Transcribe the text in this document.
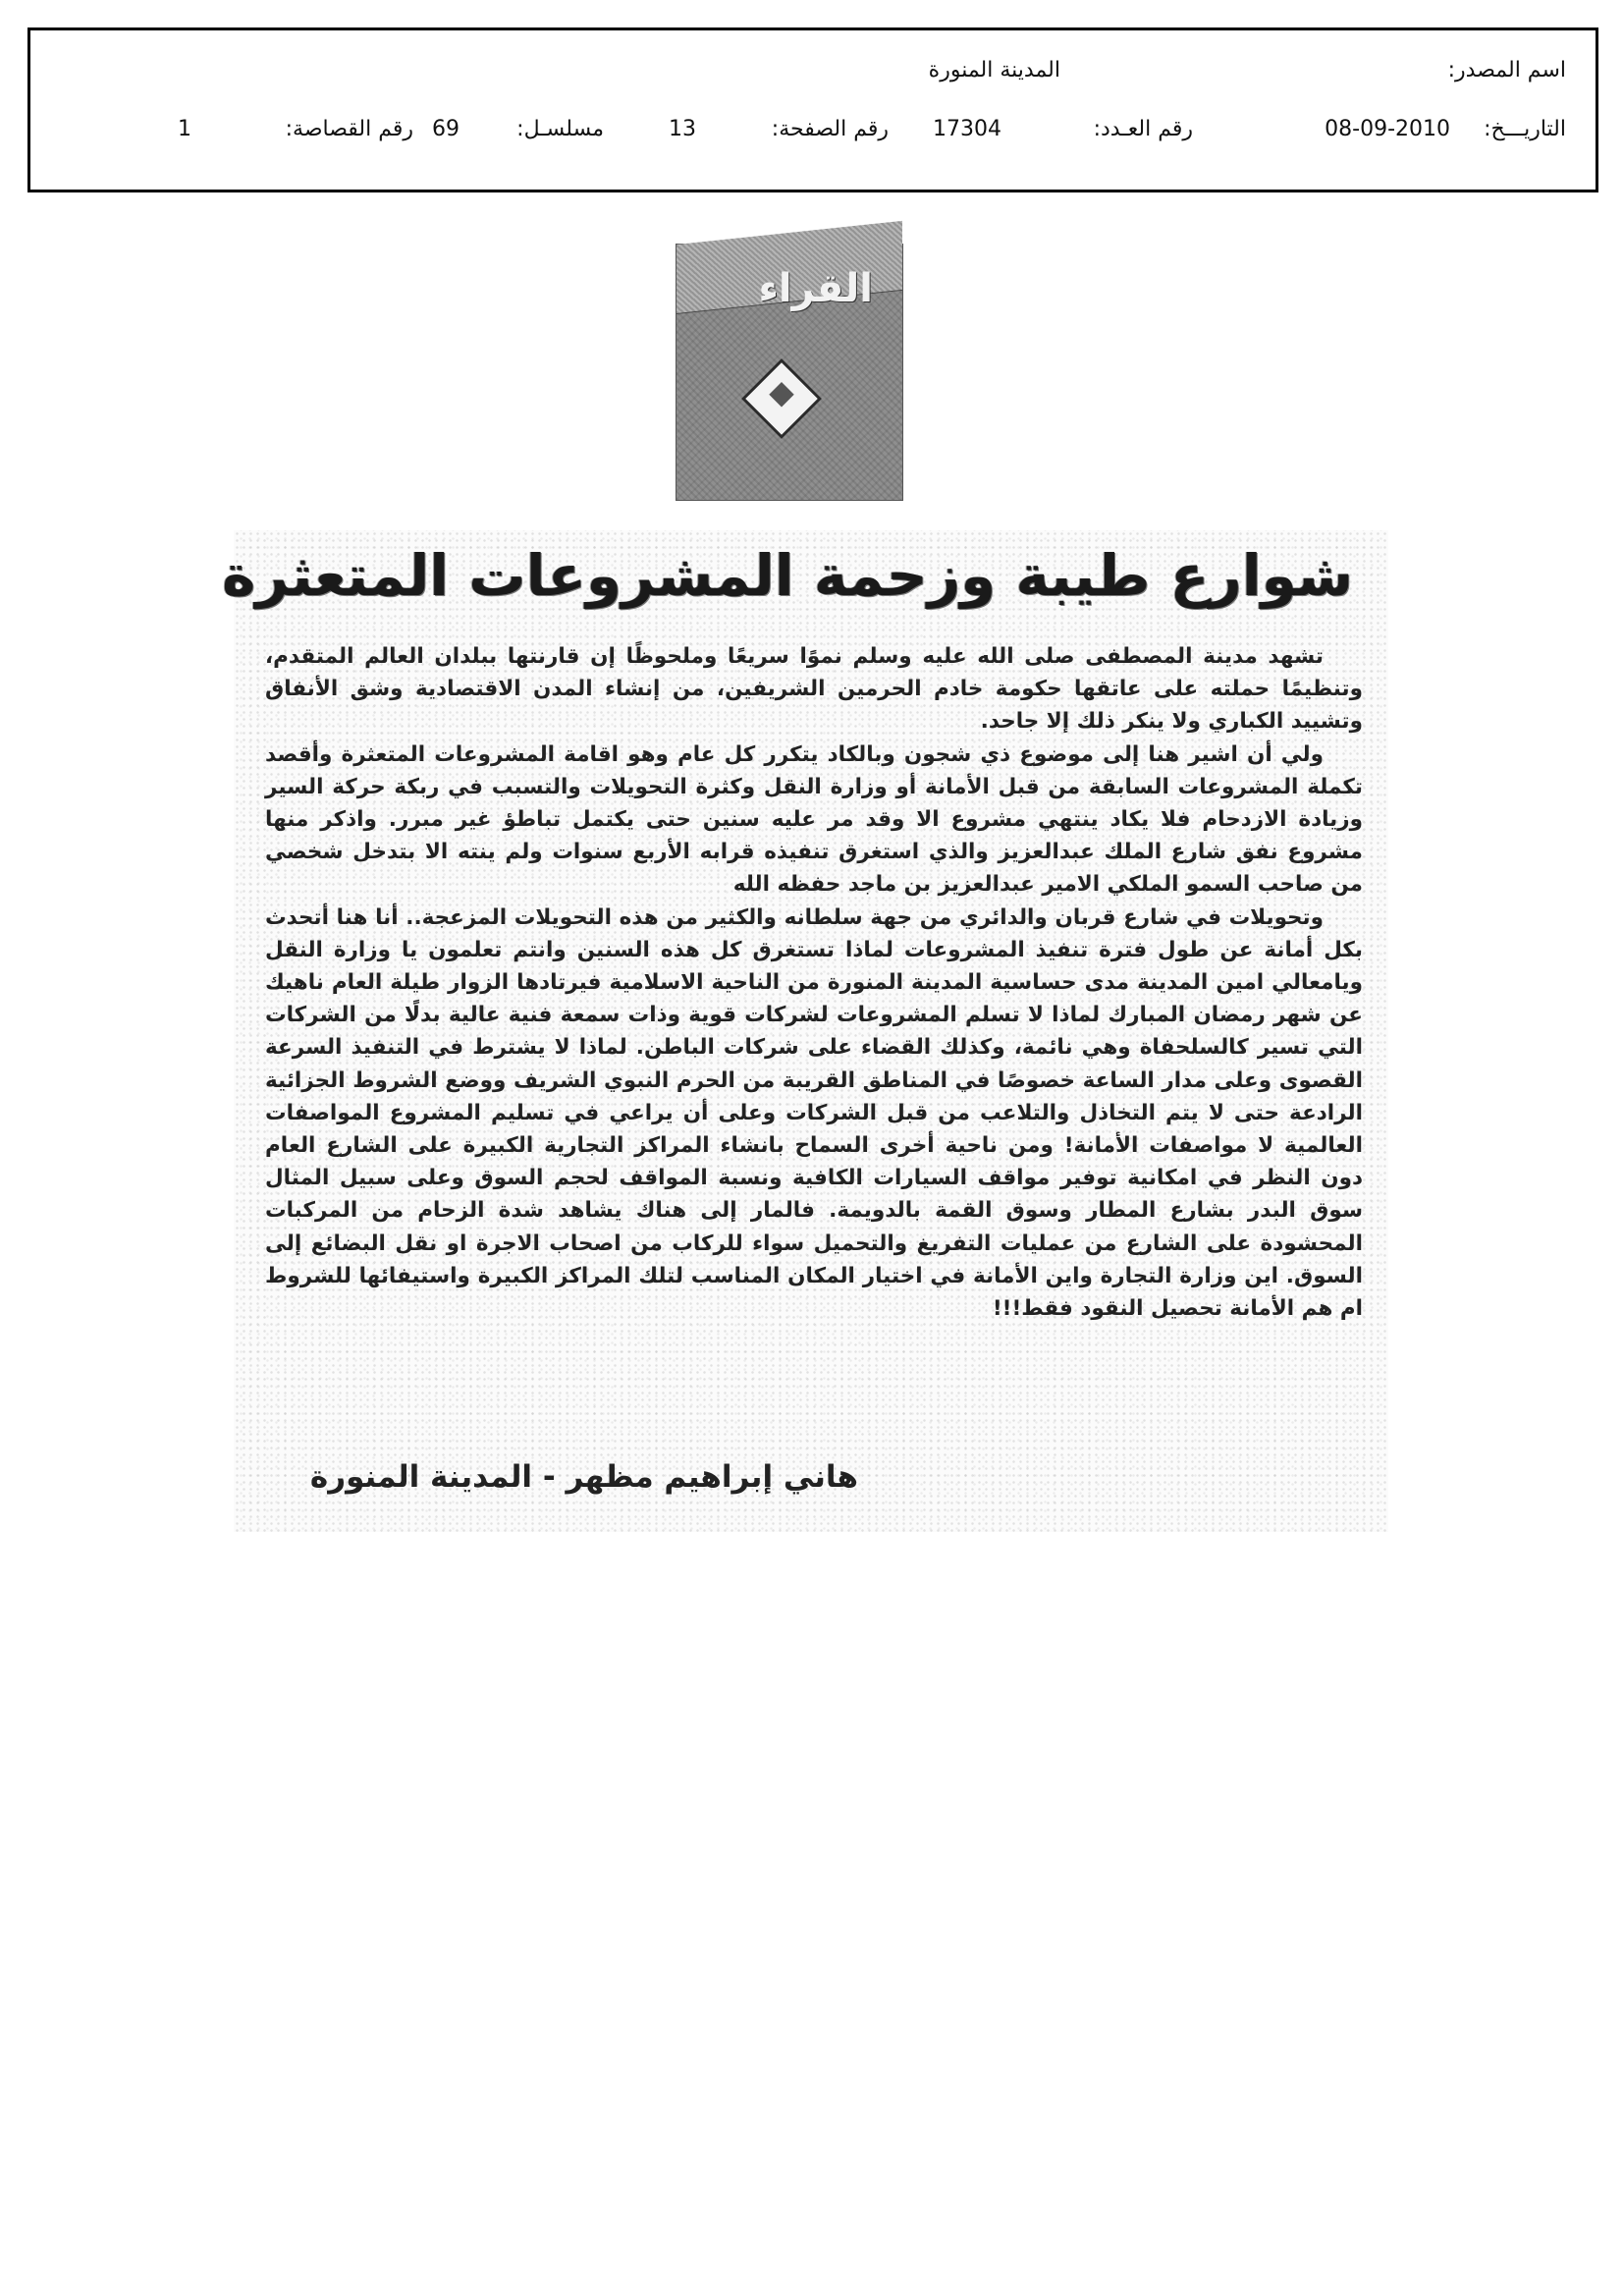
اسم المصدر:
المدينة المنورة
التاريـــخ:
08-09-2010
رقم العـدد:
17304
رقم الصفحة:
13
مسلسـل:
69
رقم القصاصة:
1
القراء
شوارع طيبة وزحمة المشروعات المتعثرة

تشهد مدينة المصطفى صلى الله عليه وسلم نموًا سريعًا وملحوظًا إن قارنتها ببلدان العالم المتقدم، وتنظيمًا حملته على عاتقها حكومة خادم الحرمين الشريفين، من إنشاء المدن الاقتصادية وشق الأنفاق وتشييد الكباري ولا ينكر ذلك إلا جاحد.

ولي أن اشير هنا إلى موضوع ذي شجون وبالكاد يتكرر كل عام وهو اقامة المشروعات المتعثرة وأقصد تكملة المشروعات السابقة من قبل الأمانة أو وزارة النقل وكثرة التحويلات والتسبب في ربكة حركة السير وزيادة الازدحام فلا يكاد ينتهي مشروع الا وقد مر عليه سنين حتى يكتمل تباطؤ غير مبرر. واذكر منها مشروع نفق شارع الملك عبدالعزيز والذي استغرق تنفيذه قرابه الأربع سنوات ولم ينته الا بتدخل شخصي من صاحب السمو الملكي الامير عبدالعزيز بن ماجد حفظه الله

وتحويلات في شارع قربان والدائري من جهة سلطانه والكثير من هذه التحويلات المزعجة.. أنا هنا أتحدث بكل أمانة عن طول فترة تنفيذ المشروعات لماذا تستغرق كل هذه السنين وانتم تعلمون يا وزارة النقل ويامعالي امين المدينة مدى حساسية المدينة المنورة من الناحية الاسلامية فيرتادها الزوار طيلة العام ناهيك عن شهر رمضان المبارك لماذا لا تسلم المشروعات لشركات قوية وذات سمعة فنية عالية بدلًا من الشركات التي تسير كالسلحفاة وهي نائمة، وكذلك القضاء على شركات الباطن. لماذا لا يشترط في التنفيذ السرعة القصوى وعلى مدار الساعة خصوصًا في المناطق القريبة من الحرم النبوي الشريف ووضع الشروط الجزائية الرادعة حتى لا يتم التخاذل والتلاعب من قبل الشركات وعلى أن يراعي في تسليم المشروع المواصفات العالمية لا مواصفات الأمانة! ومن ناحية أخرى السماح بانشاء المراكز التجارية الكبيرة على الشارع العام دون النظر في امكانية توفير مواقف السيارات الكافية ونسبة المواقف لحجم السوق وعلى سبيل المثال سوق البدر بشارع المطار وسوق القمة بالدويمة. فالمار إلى هناك يشاهد شدة الزحام من المركبات المحشودة على الشارع من عمليات التفريغ والتحميل سواء للركاب من اصحاب الاجرة او نقل البضائع إلى السوق. اين وزارة التجارة واين الأمانة في اختيار المكان المناسب لتلك المراكز الكبيرة واستيفائها للشروط ام هم الأمانة تحصيل النقود فقط!!!

هاني إبراهيم مظهر - المدينة المنورة
